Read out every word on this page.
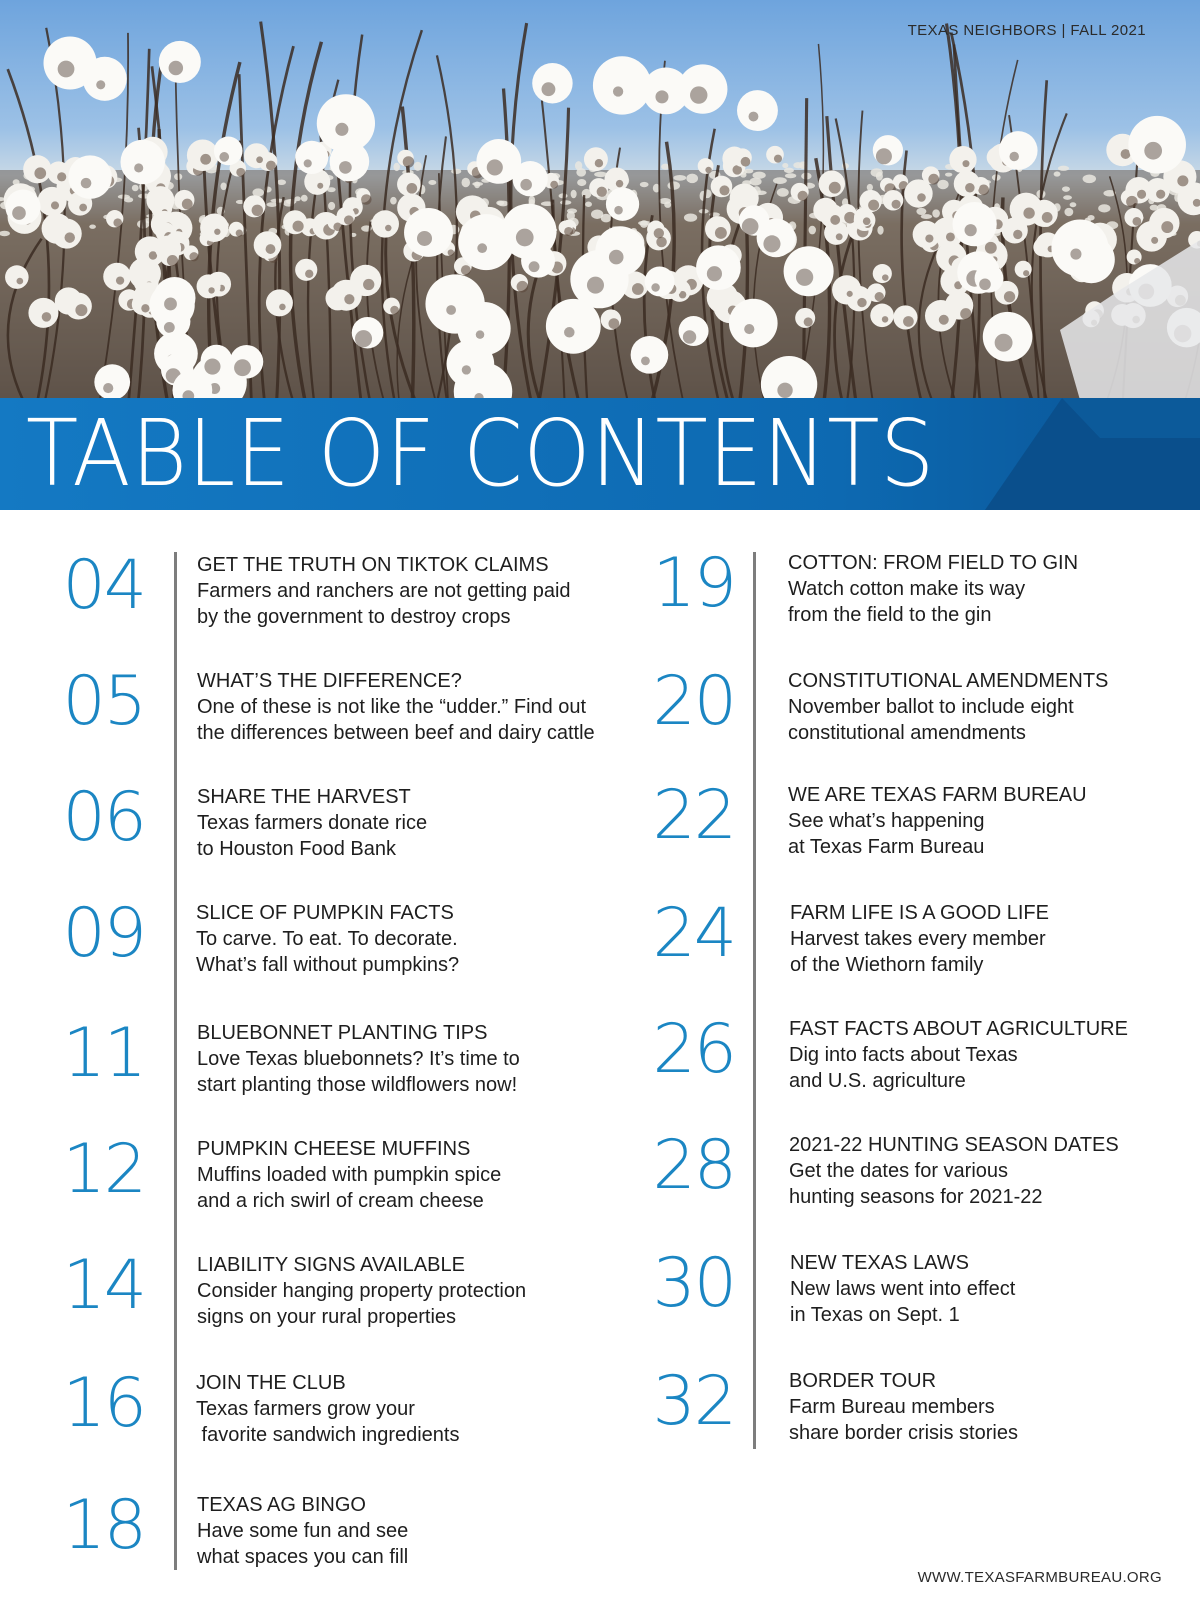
TEXAS NEIGHBORS | FALL 2021
TABLE OF CONTENTS
04	GET THE TRUTH ON TIKTOK CLAIMS
Farmers and ranchers are not getting paid
by the government to destroy crops
05	WHAT’S THE DIFFERENCE?
One of these is not like the “udder.” Find out
the differences between beef and dairy cattle
06	SHARE THE HARVEST
Texas farmers donate rice
to Houston Food Bank
09	SLICE OF PUMPKIN FACTS
To carve. To eat. To decorate.
What’s fall without pumpkins?
11	BLUEBONNET PLANTING TIPS
Love Texas bluebonnets? It’s time to
start planting those wildflowers now!
12	PUMPKIN CHEESE MUFFINS
Muffins loaded with pumpkin spice
and a rich swirl of cream cheese
14	LIABILITY SIGNS AVAILABLE
Consider hanging property protection
signs on your rural properties
16	JOIN THE CLUB
Texas farmers grow your
favorite sandwich ingredients
18	TEXAS AG BINGO
Have some fun and see
what spaces you can fill
19	COTTON: FROM FIELD TO GIN
Watch cotton make its way
from the field to the gin
20	CONSTITUTIONAL AMENDMENTS
November ballot to include eight
constitutional amendments
22	WE ARE TEXAS FARM BUREAU
See what’s happening
at Texas Farm Bureau
24	FARM LIFE IS A GOOD LIFE
Harvest takes every member
of the Wiethorn family
26	FAST FACTS ABOUT AGRICULTURE
Dig into facts about Texas
and U.S. agriculture
28	2021-22 HUNTING SEASON DATES
Get the dates for various
hunting seasons for 2021-22
30	NEW TEXAS LAWS
New laws went into effect
in Texas on Sept. 1
32	BORDER TOUR
Farm Bureau members
share border crisis stories
WWW.TEXASFARMBUREAU.ORG
